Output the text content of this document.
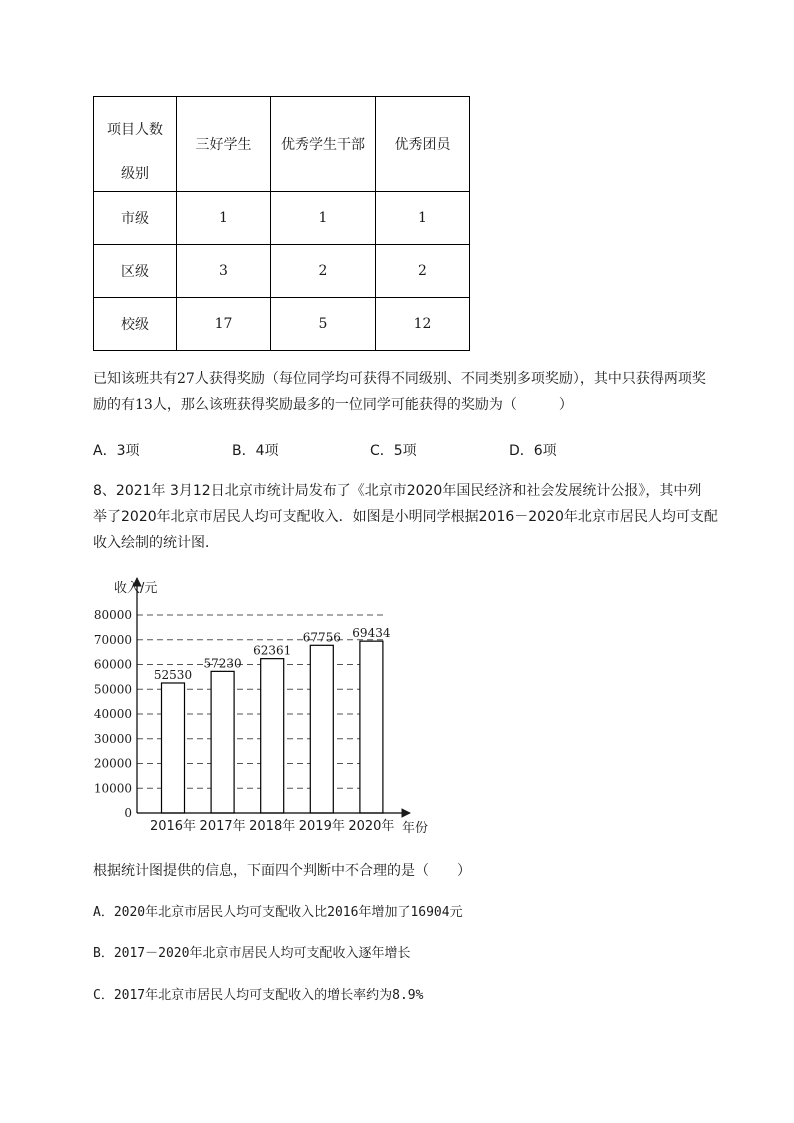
项目人数
级别	三好学生	优秀学生干部	优秀团员
市级	1	1	1
区级	3	2	2
校级	17	5	12
已知该班共有27人获得奖励（每位同学均可获得不同级别、不同类别多项奖励），其中只获得两项奖
励的有13人，那么该班获得奖励最多的一位同学可能获得的奖励为（　　　）
A．3项	B．4项	C．5项	D．6项
8、2021年 3月12日北京市统计局发布了《北京市2020年国民经济和社会发展统计公报》，其中列
举了2020年北京市居民人均可支配收入．如图是小明同学根据2016－2020年北京市居民人均可支配
收入绘制的统计图．
52530
57230
62361
67756 69434
0
10000
20000
30000
40000
50000
60000
70000
80000
2016年 2017年 2018年 2019年 2020年
收入/元
年份
根据统计图提供的信息，下面四个判断中不合理的是（　　）
A．2020年北京市居民人均可支配收入比2016年增加了16904元
B．2017－2020年北京市居民人均可支配收入逐年增长
C．2017年北京市居民人均可支配收入的增长率约为8.9%
